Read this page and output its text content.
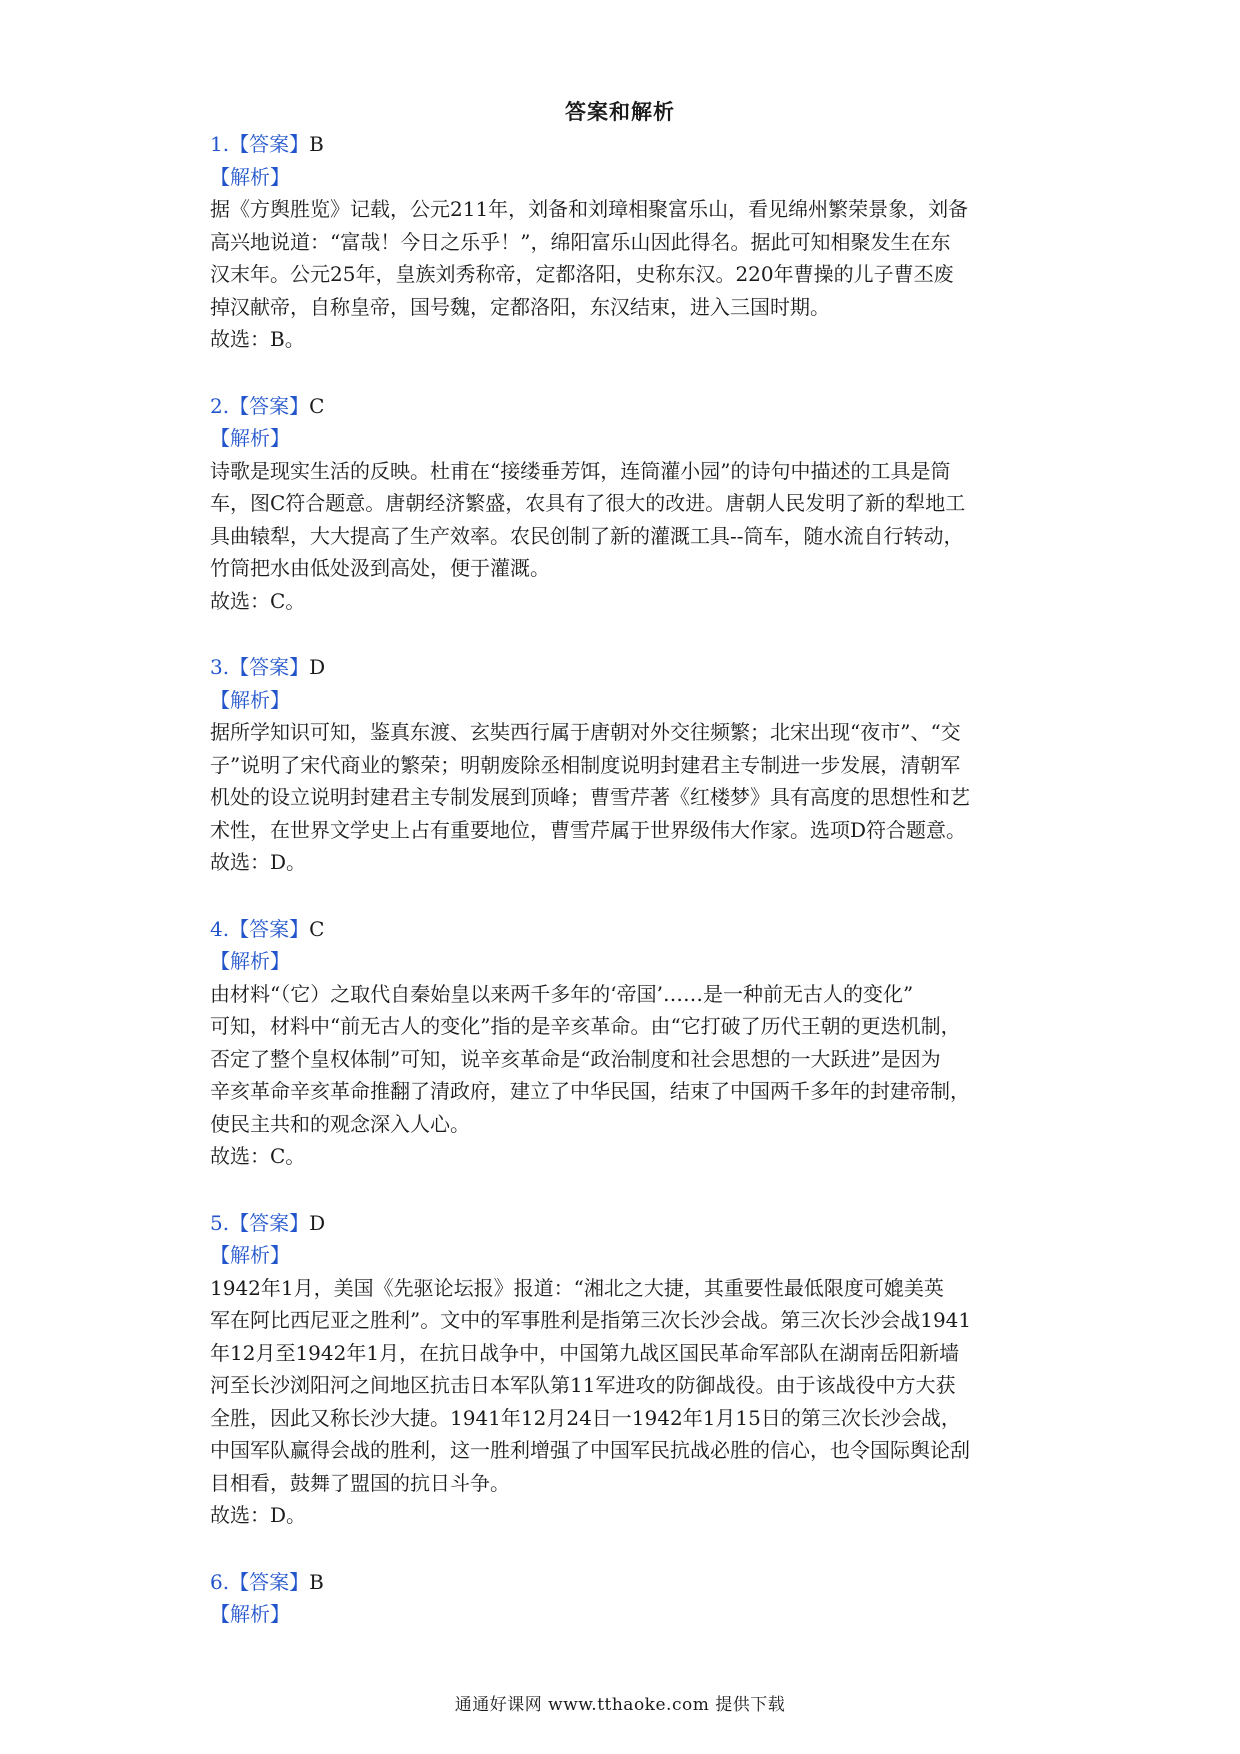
答案和解析
1.【答案】B
【解析】
据《方舆胜览》记载，公元211年，刘备和刘璋相聚富乐山，看见绵州繁荣景象，刘备
高兴地说道：“富哉！今日之乐乎！”，绵阳富乐山因此得名。据此可知相聚发生在东
汉末年。公元25年，皇族刘秀称帝，定都洛阳，史称东汉。220年曹操的儿子曹丕废
掉汉献帝，自称皇帝，国号魏，定都洛阳，东汉结束，进入三国时期。
故选：B。
2.【答案】C
【解析】
诗歌是现实生活的反映。杜甫在“接缕垂芳饵，连筒灌小园”的诗句中描述的工具是筒
车，图C符合题意。唐朝经济繁盛，农具有了很大的改进。唐朝人民发明了新的犁地工
具曲辕犁，大大提高了生产效率。农民创制了新的灌溉工具--筒车，随水流自行转动，
竹筒把水由低处汲到高处，便于灌溉。
故选：C。
3.【答案】D
【解析】
据所学知识可知，鉴真东渡、玄奘西行属于唐朝对外交往频繁；北宋出现“夜市”、“交
子”说明了宋代商业的繁荣；明朝废除丞相制度说明封建君主专制进一步发展，清朝军
机处的设立说明封建君主专制发展到顶峰；曹雪芹著《红楼梦》具有高度的思想性和艺
术性，在世界文学史上占有重要地位，曹雪芹属于世界级伟大作家。选项D符合题意。
故选：D。
4.【答案】C
【解析】
由材料“（它）之取代自秦始皇以来两千多年的‘帝国’……是一种前无古人的变化”
可知，材料中“前无古人的变化”指的是辛亥革命。由“它打破了历代王朝的更迭机制，
否定了整个皇权体制”可知，说辛亥革命是“政治制度和社会思想的一大跃进”是因为
辛亥革命辛亥革命推翻了清政府，建立了中华民国，结束了中国两千多年的封建帝制，
使民主共和的观念深入人心。
故选：C。
5.【答案】D
【解析】
1942年1月，美国《先驱论坛报》报道：“湘北之大捷，其重要性最低限度可媲美英
军在阿比西尼亚之胜利”。文中的军事胜利是指第三次长沙会战。第三次长沙会战1941
年12月至1942年1月，在抗日战争中，中国第九战区国民革命军部队在湖南岳阳新墙
河至长沙浏阳河之间地区抗击日本军队第11军进攻的防御战役。由于该战役中方大获
全胜，因此又称长沙大捷。1941年12月24日一1942年1月15日的第三次长沙会战，
中国军队赢得会战的胜利，这一胜利增强了中国军民抗战必胜的信心，也令国际舆论刮
目相看，鼓舞了盟国的抗日斗争。
故选：D。
6.【答案】B
【解析】
通通好课网 www.tthaoke.com 提供下载
